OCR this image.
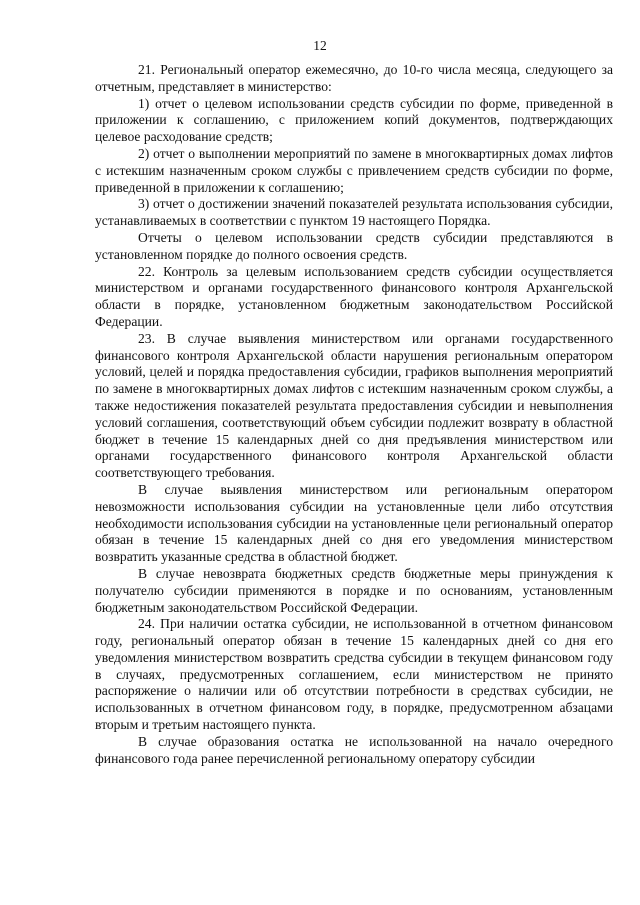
12

21. Региональный оператор ежемесячно, до 10-го числа месяца, следующего за отчетным, представляет в министерство:

1) отчет о целевом использовании средств субсидии по форме, приведенной в приложении к соглашению, с приложением копий документов, подтверждающих целевое расходование средств;

2) отчет о выполнении мероприятий по замене в многоквартирных домах лифтов с истекшим назначенным сроком службы с привлечением средств субсидии по форме, приведенной в приложении к соглашению;

3) отчет о достижении значений показателей результата использования субсидии, устанавливаемых в соответствии с пунктом 19 настоящего Порядка.

Отчеты о целевом использовании средств субсидии представляются в установленном порядке до полного освоения средств.

22. Контроль за целевым использованием средств субсидии осуществляется министерством и органами государственного финансового контроля Архангельской области в порядке, установленном бюджетным законодательством Российской Федерации.

23. В случае выявления министерством или органами государственного финансового контроля Архангельской области нарушения региональным оператором условий, целей и порядка предоставления субсидии, графиков выполнения мероприятий по замене в многоквартирных домах лифтов с истекшим назначенным сроком службы, а также недостижения показателей результата предоставления субсидии и невыполнения условий соглашения, соответствующий объем субсидии подлежит возврату в областной бюджет в течение 15 календарных дней со дня предъявления министерством или органами государственного финансового контроля Архангельской области соответствующего требования.

В случае выявления министерством или региональным оператором невозможности использования субсидии на установленные цели либо отсутствия необходимости использования субсидии на установленные цели региональный оператор обязан в течение 15 календарных дней со дня его уведомления министерством возвратить указанные средства в областной бюджет.

В случае невозврата бюджетных средств бюджетные меры принуждения к получателю субсидии применяются в порядке и по основаниям, установленным бюджетным законодательством Российской Федерации.

24. При наличии остатка субсидии, не использованной в отчетном финансовом году, региональный оператор обязан в течение 15 календарных дней со дня его уведомления министерством возвратить средства субсидии в текущем финансовом году в случаях, предусмотренных соглашением, если министерством не принято распоряжение о наличии или об отсутствии потребности в средствах субсидии, не использованных в отчетном финансовом году, в порядке, предусмотренном абзацами вторым и третьим настоящего пункта.

В случае образования остатка не использованной на начало очередного финансового года ранее перечисленной региональному оператору субсидии
